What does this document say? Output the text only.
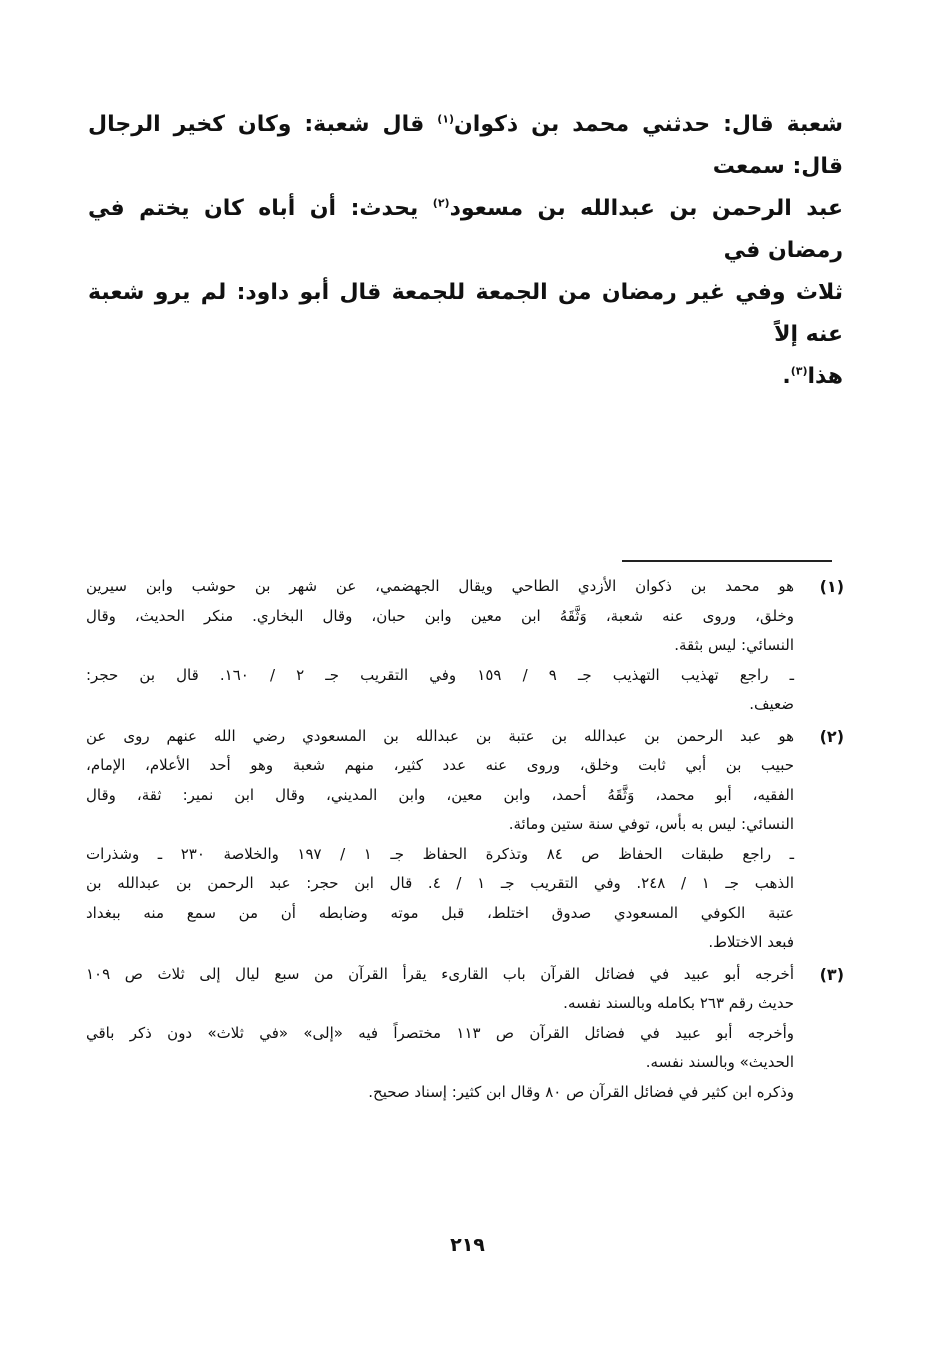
شعبة قال: حدثني محمد بن ذكوان$^{(١)}$ قال شعبة: وكان كخير الرجال قال: سمعت

عبد الرحمن بن عبدالله بن مسعود$^{(٢)}$ يحدث: أن أباه كان يختم في رمضان في

ثلاث وفي غير رمضان من الجمعة للجمعة قال أبو داود: لم يرو شعبة عنه إلاً

هذا$^{(٣)}$.

(١)

هو محمد بن ذكوان الأزدي الطاحي ويقال الجهضمي، عن شهر بن حوشب وابن سيرين

وخلق، وروى عنه شعبة، وَثَّقَهُ ابن معين وابن حبان، وقال البخاري. منكر الحديث، وقال

النسائي: ليس بثقة.

ـ راجع تهذيب التهذيب جـ ٩ / ١٥٩ وفي التقريب جـ ٢ / ١٦٠. قال بن حجر:

ضعيف.

(٢)

هو عبد الرحمن بن عبدالله بن عتبة بن عبدالله بن المسعودي رضي الله عنهم روى عن

حبيب بن أبي ثابت وخلق، وروى عنه عدد كثير، منهم شعبة وهو أحد الأعلام، الإمام،

الفقيه، أبو محمد، وَثَّقَهُ أحمد، وابن معين، وابن المديني، وقال ابن نمير: ثقة، وقال

النسائي: ليس به بأس، توفي سنة ستين ومائة.

ـ راجع طبقات الحفاظ ص ٨٤ وتذكرة الحفاظ جـ ١ / ١٩٧ والخلاصة ٢٣٠ ـ وشذرات

الذهب جـ ١ / ٢٤٨. وفي التقريب جـ ١ / ٤. قال ابن حجر: عبد الرحمن بن عبدالله بن

عتبة الكوفي المسعودي صدوق اختلط، قبل موته وضابطه أن من سمع منه ببغداد

فبعد الاختلاط.

(٣)

أخرجه أبو عبيد في فضائل القرآن باب القارىء يقرأ القرآن من سبع ليال إلى ثلاث ص ١٠٩

حديث رقم ٢٦٣ بكامله وبالسند نفسه.

وأخرجه أبو عبيد في فضائل القرآن ص ١١٣ مختصراً فيه «إلى» «في ثلاث» دون ذكر باقي

الحديث» وبالسند نفسه.

وذكره ابن كثير في فضائل القرآن ص ٨٠ وقال ابن كثير: إسناد صحيح.

٢١٩
